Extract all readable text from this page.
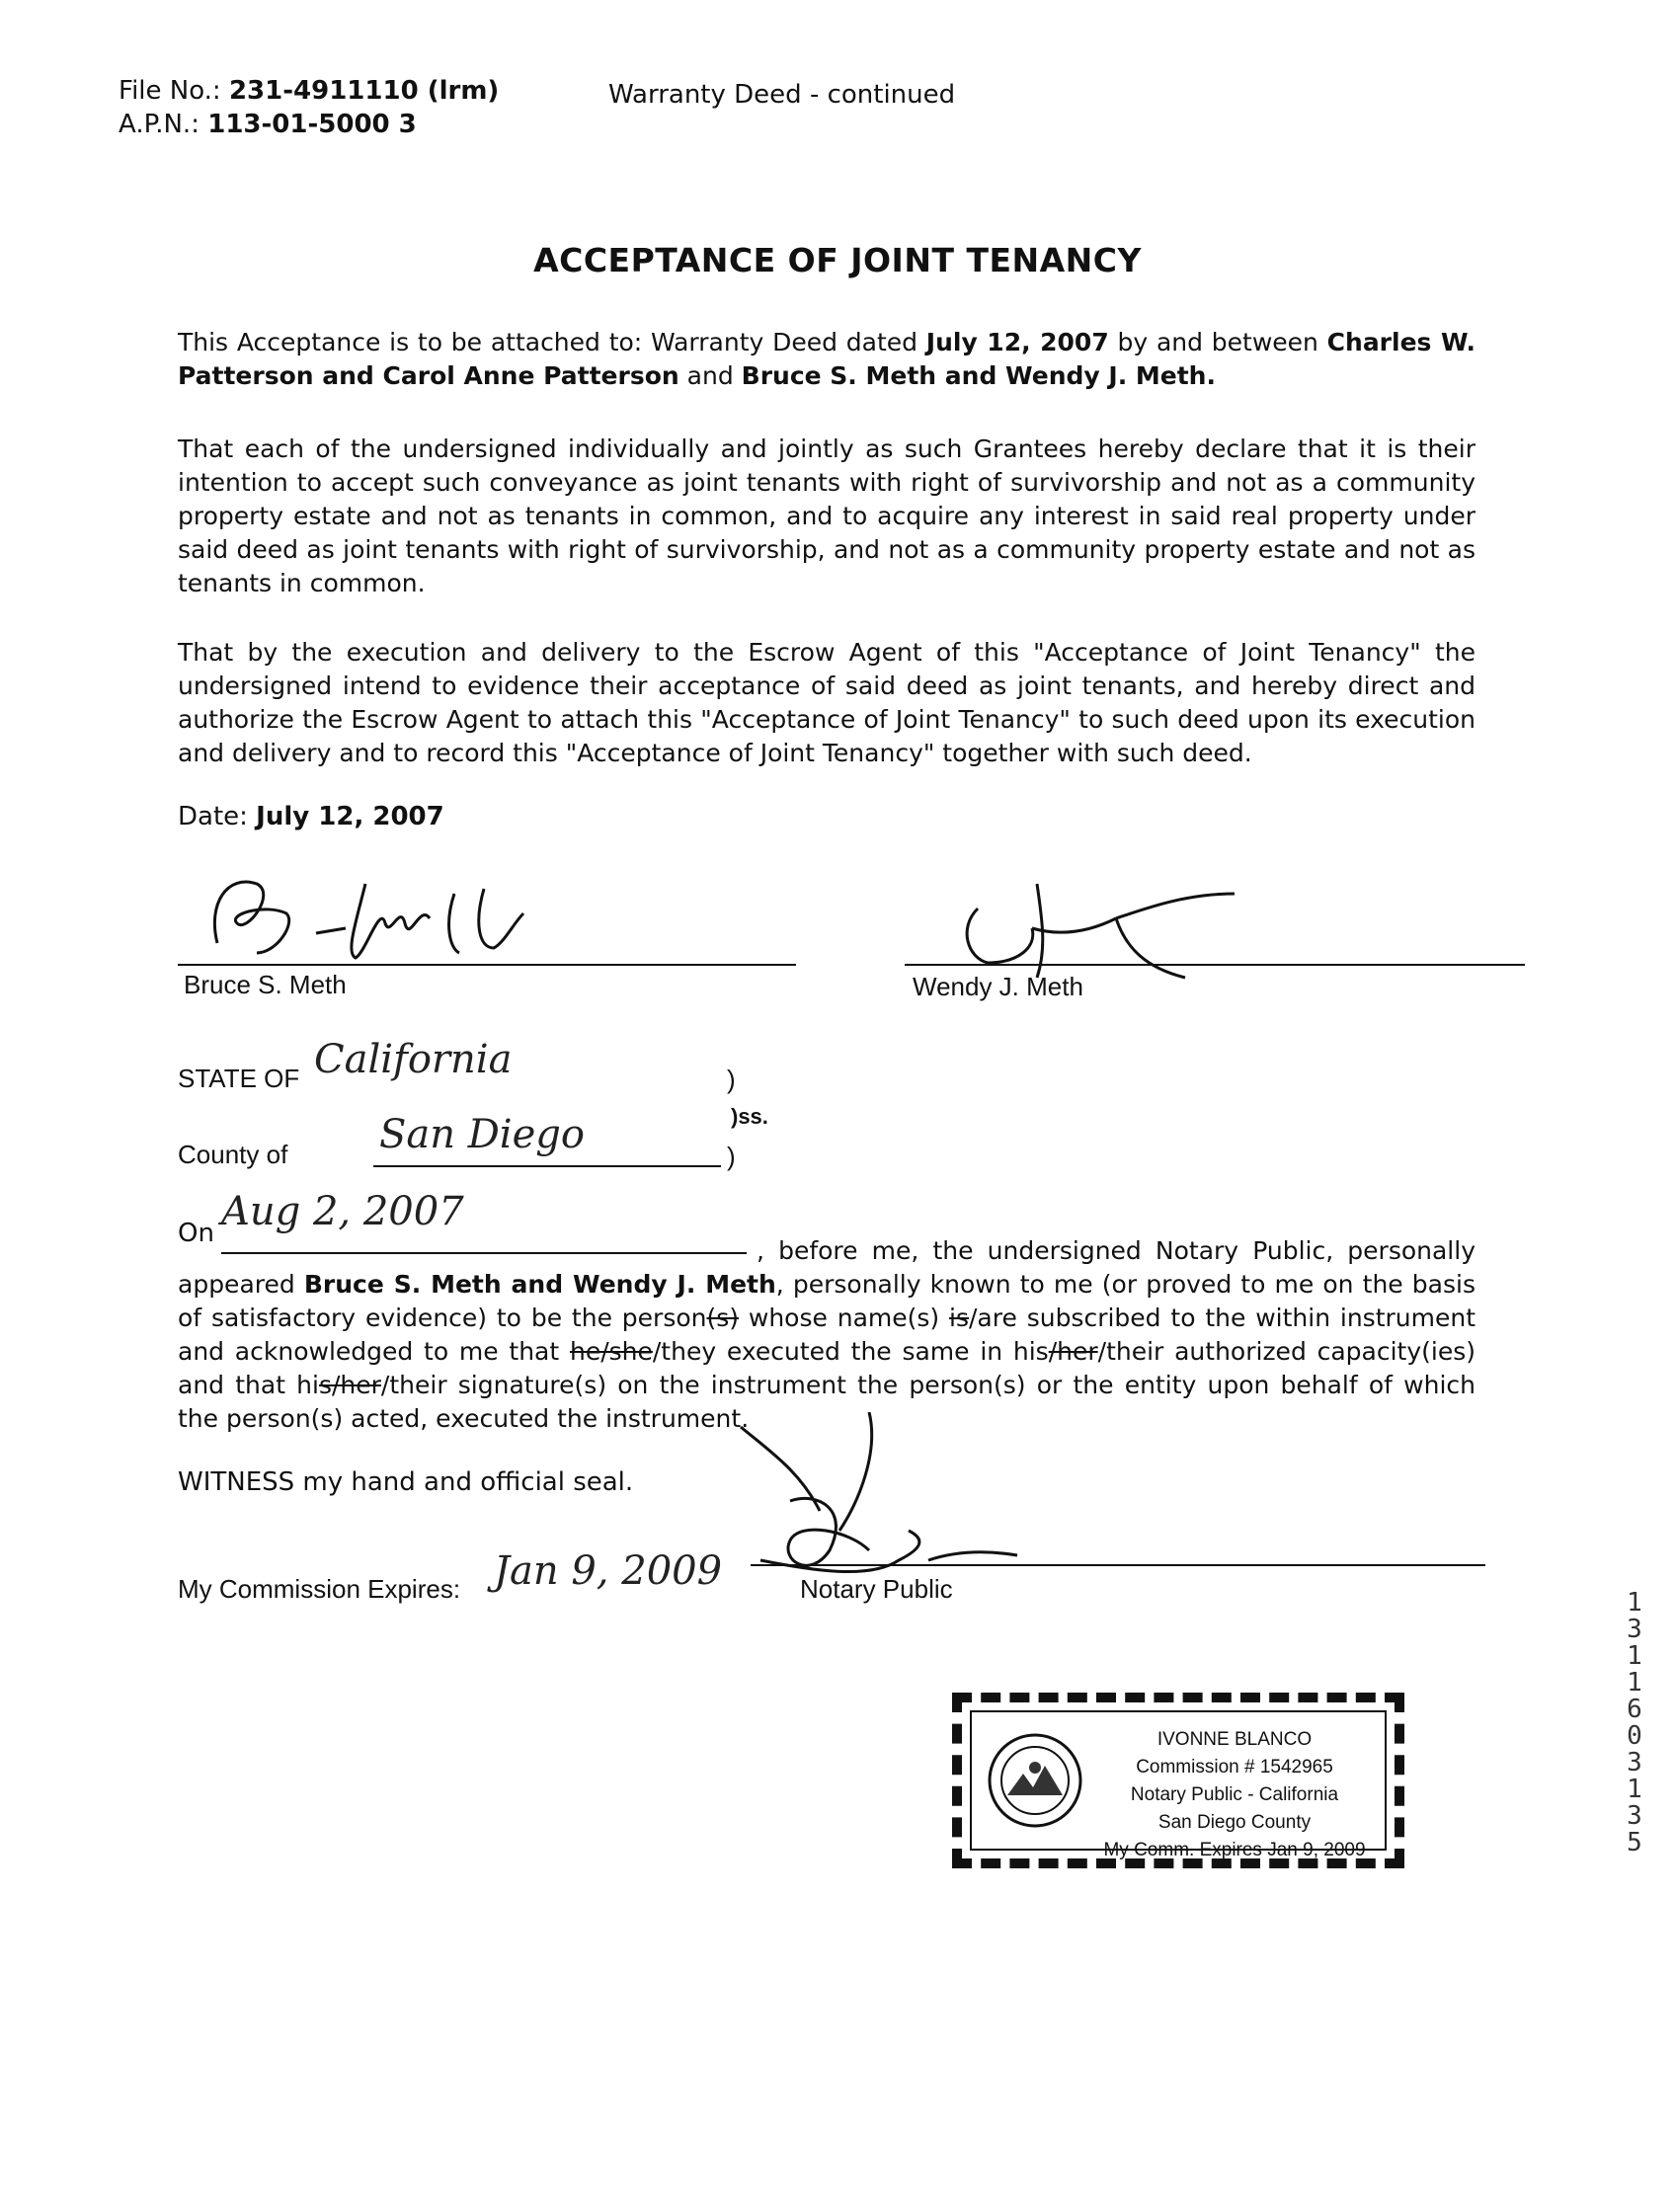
File No.: 231-4911110 (lrm)
A.P.N.: 113-01-5000 3
Warranty Deed - continued
ACCEPTANCE OF JOINT TENANCY
This Acceptance is to be attached to: Warranty Deed dated July 12, 2007 by and between Charles W. Patterson and Carol Anne Patterson and Bruce S. Meth and Wendy J. Meth.
That each of the undersigned individually and jointly as such Grantees hereby declare that it is their intention to accept such conveyance as joint tenants with right of survivorship and not as a community property estate and not as tenants in common, and to acquire any interest in said real property under said deed as joint tenants with right of survivorship, and not as a community property estate and not as tenants in common.
That by the execution and delivery to the Escrow Agent of this "Acceptance of Joint Tenancy" the undersigned intend to evidence their acceptance of said deed as joint tenants, and hereby direct and authorize the Escrow Agent to attach this "Acceptance of Joint Tenancy" to such deed upon its execution and delivery and to record this "Acceptance of Joint Tenancy" together with such deed.
Date: July 12, 2007
Bruce S. Meth	Wendy J. Meth
STATE OF California	)
)ss.
County of San Diego	)
On Aug 2, 2007
, before me, the undersigned Notary Public, personally appeared Bruce S. Meth and Wendy J. Meth, personally known to me (or proved to me on the basis of satisfactory evidence) to be the person(s) whose name(s) is/are subscribed to the within instrument and acknowledged to me that he/she/they executed the same in his/her/their authorized capacity(ies) and that his/her/their signature(s) on the instrument the person(s) or the entity upon behalf of which the person(s) acted, executed the instrument.
WITNESS my hand and official seal.
My Commission Expires: Jan 9, 2009	Notary Public
IVONNE BLANCO
Commission # 1542965
Notary Public - California
San Diego County
My Comm. Expires Jan 9, 2009
13116 03135
